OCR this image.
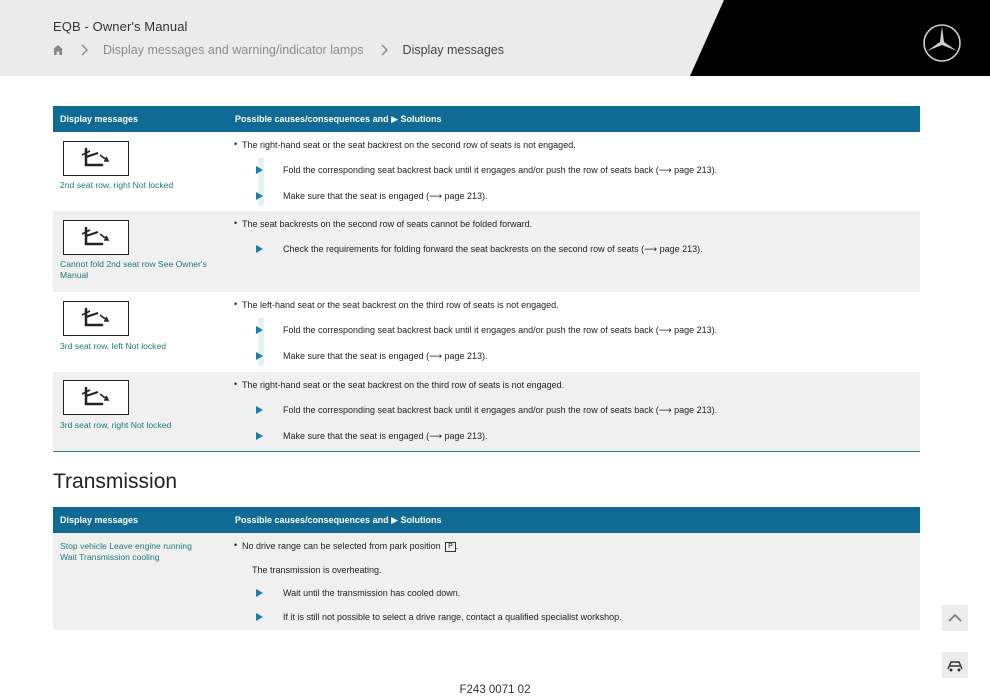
EQB - Owner's Manual
Display messages and warning/indicator lamps	Display messages
Display messages	Possible causes/consequences and ▶ Solutions
2nd seat row, right Not locked
• The right-hand seat or the seat backrest on the second row of seats is not engaged.
Fold the corresponding seat backrest back until it engages and/or push the row of seats back (⟶ page 213).
Make sure that the seat is engaged (⟶ page 213).
Cannot fold 2nd seat row See Owner's Manual
• The seat backrests on the second row of seats cannot be folded forward.
Check the requirements for folding forward the seat backrests on the second row of seats (⟶ page 213).
3rd seat row, left Not locked
• The left-hand seat or the seat backrest on the third row of seats is not engaged.
Fold the corresponding seat backrest back until it engages and/or push the row of seats back (⟶ page 213).
Make sure that the seat is engaged (⟶ page 213).
3rd seat row, right Not locked
• The right-hand seat or the seat backrest on the third row of seats is not engaged.
Fold the corresponding seat backrest back until it engages and/or push the row of seats back (⟶ page 213).
Make sure that the seat is engaged (⟶ page 213).
Transmission
Display messages	Possible causes/consequences and ▶ Solutions
Stop vehicle Leave engine running Wait Transmission cooling
• No drive range can be selected from park position P .
The transmission is overheating.
Wait until the transmission has cooled down.
If it is still not possible to select a drive range, contact a qualified specialist workshop.
F243 0071 02
